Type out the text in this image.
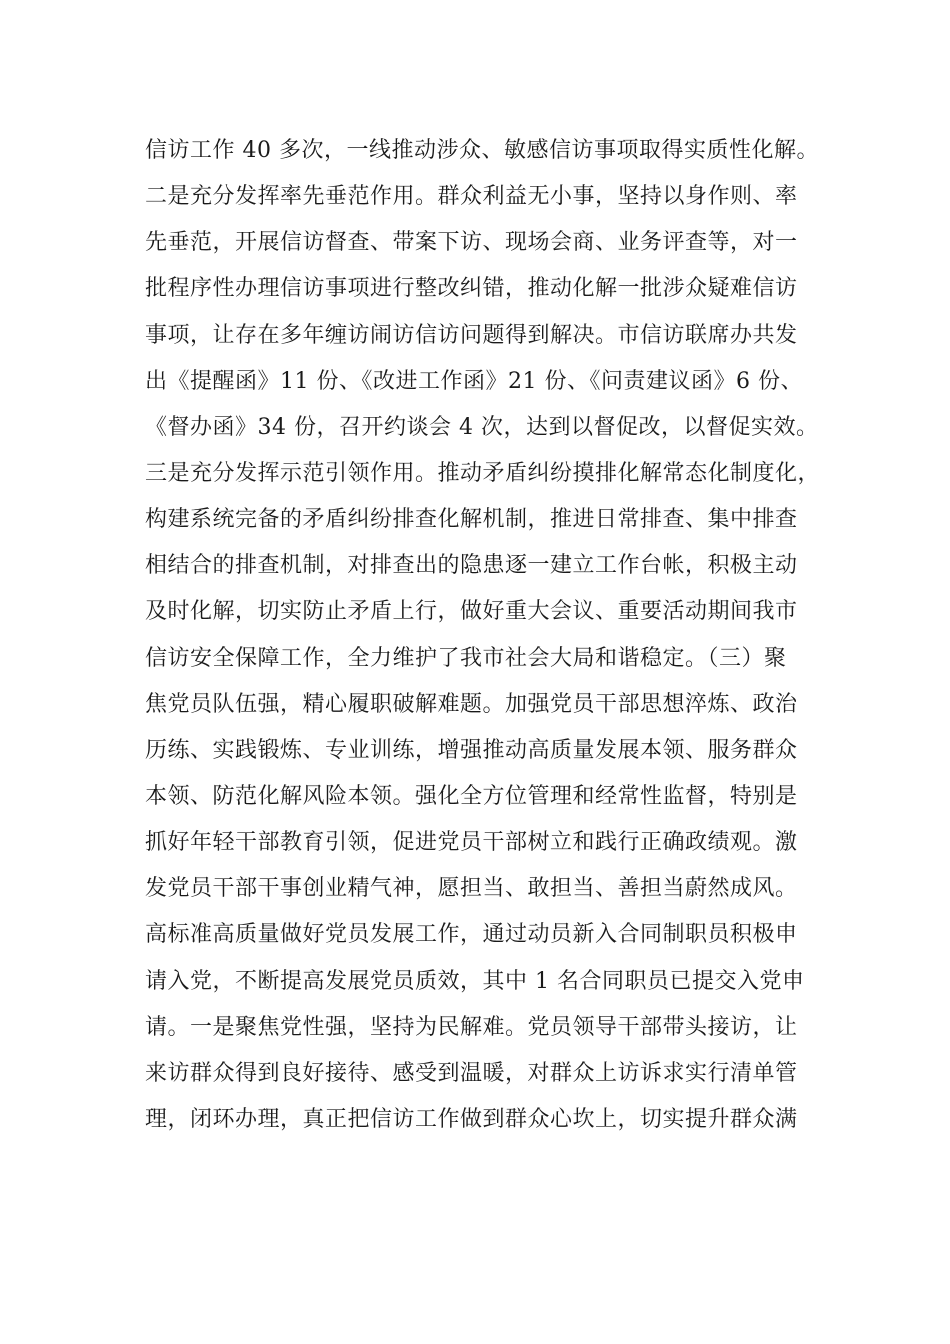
信访工作 40 多次，一线推动涉众、敏感信访事项取得实质性化解。
二是充分发挥率先垂范作用。群众利益无小事，坚持以身作则、率
先垂范，开展信访督查、带案下访、现场会商、业务评查等，对一
批程序性办理信访事项进行整改纠错，推动化解一批涉众疑难信访
事项，让存在多年缠访闹访信访问题得到解决。市信访联席办共发
出《提醒函》11 份、《改进工作函》21 份、《问责建议函》6 份、
《督办函》34 份，召开约谈会 4 次，达到以督促改，以督促实效。
三是充分发挥示范引领作用。推动矛盾纠纷摸排化解常态化制度化，
构建系统完备的矛盾纠纷排查化解机制，推进日常排查、集中排查
相结合的排查机制，对排查出的隐患逐一建立工作台帐，积极主动
及时化解，切实防止矛盾上行，做好重大会议、重要活动期间我市
信访安全保障工作，全力维护了我市社会大局和谐稳定。（三）聚
焦党员队伍强，精心履职破解难题。加强党员干部思想淬炼、政治
历练、实践锻炼、专业训练，增强推动高质量发展本领、服务群众
本领、防范化解风险本领。强化全方位管理和经常性监督，特别是
抓好年轻干部教育引领，促进党员干部树立和践行正确政绩观。激
发党员干部干事创业精气神，愿担当、敢担当、善担当蔚然成风。
高标准高质量做好党员发展工作，通过动员新入合同制职员积极申
请入党，不断提高发展党员质效，其中 1 名合同职员已提交入党申
请。一是聚焦党性强，坚持为民解难。党员领导干部带头接访，让
来访群众得到良好接待、感受到温暖，对群众上访诉求实行清单管
理，闭环办理，真正把信访工作做到群众心坎上，切实提升群众满
